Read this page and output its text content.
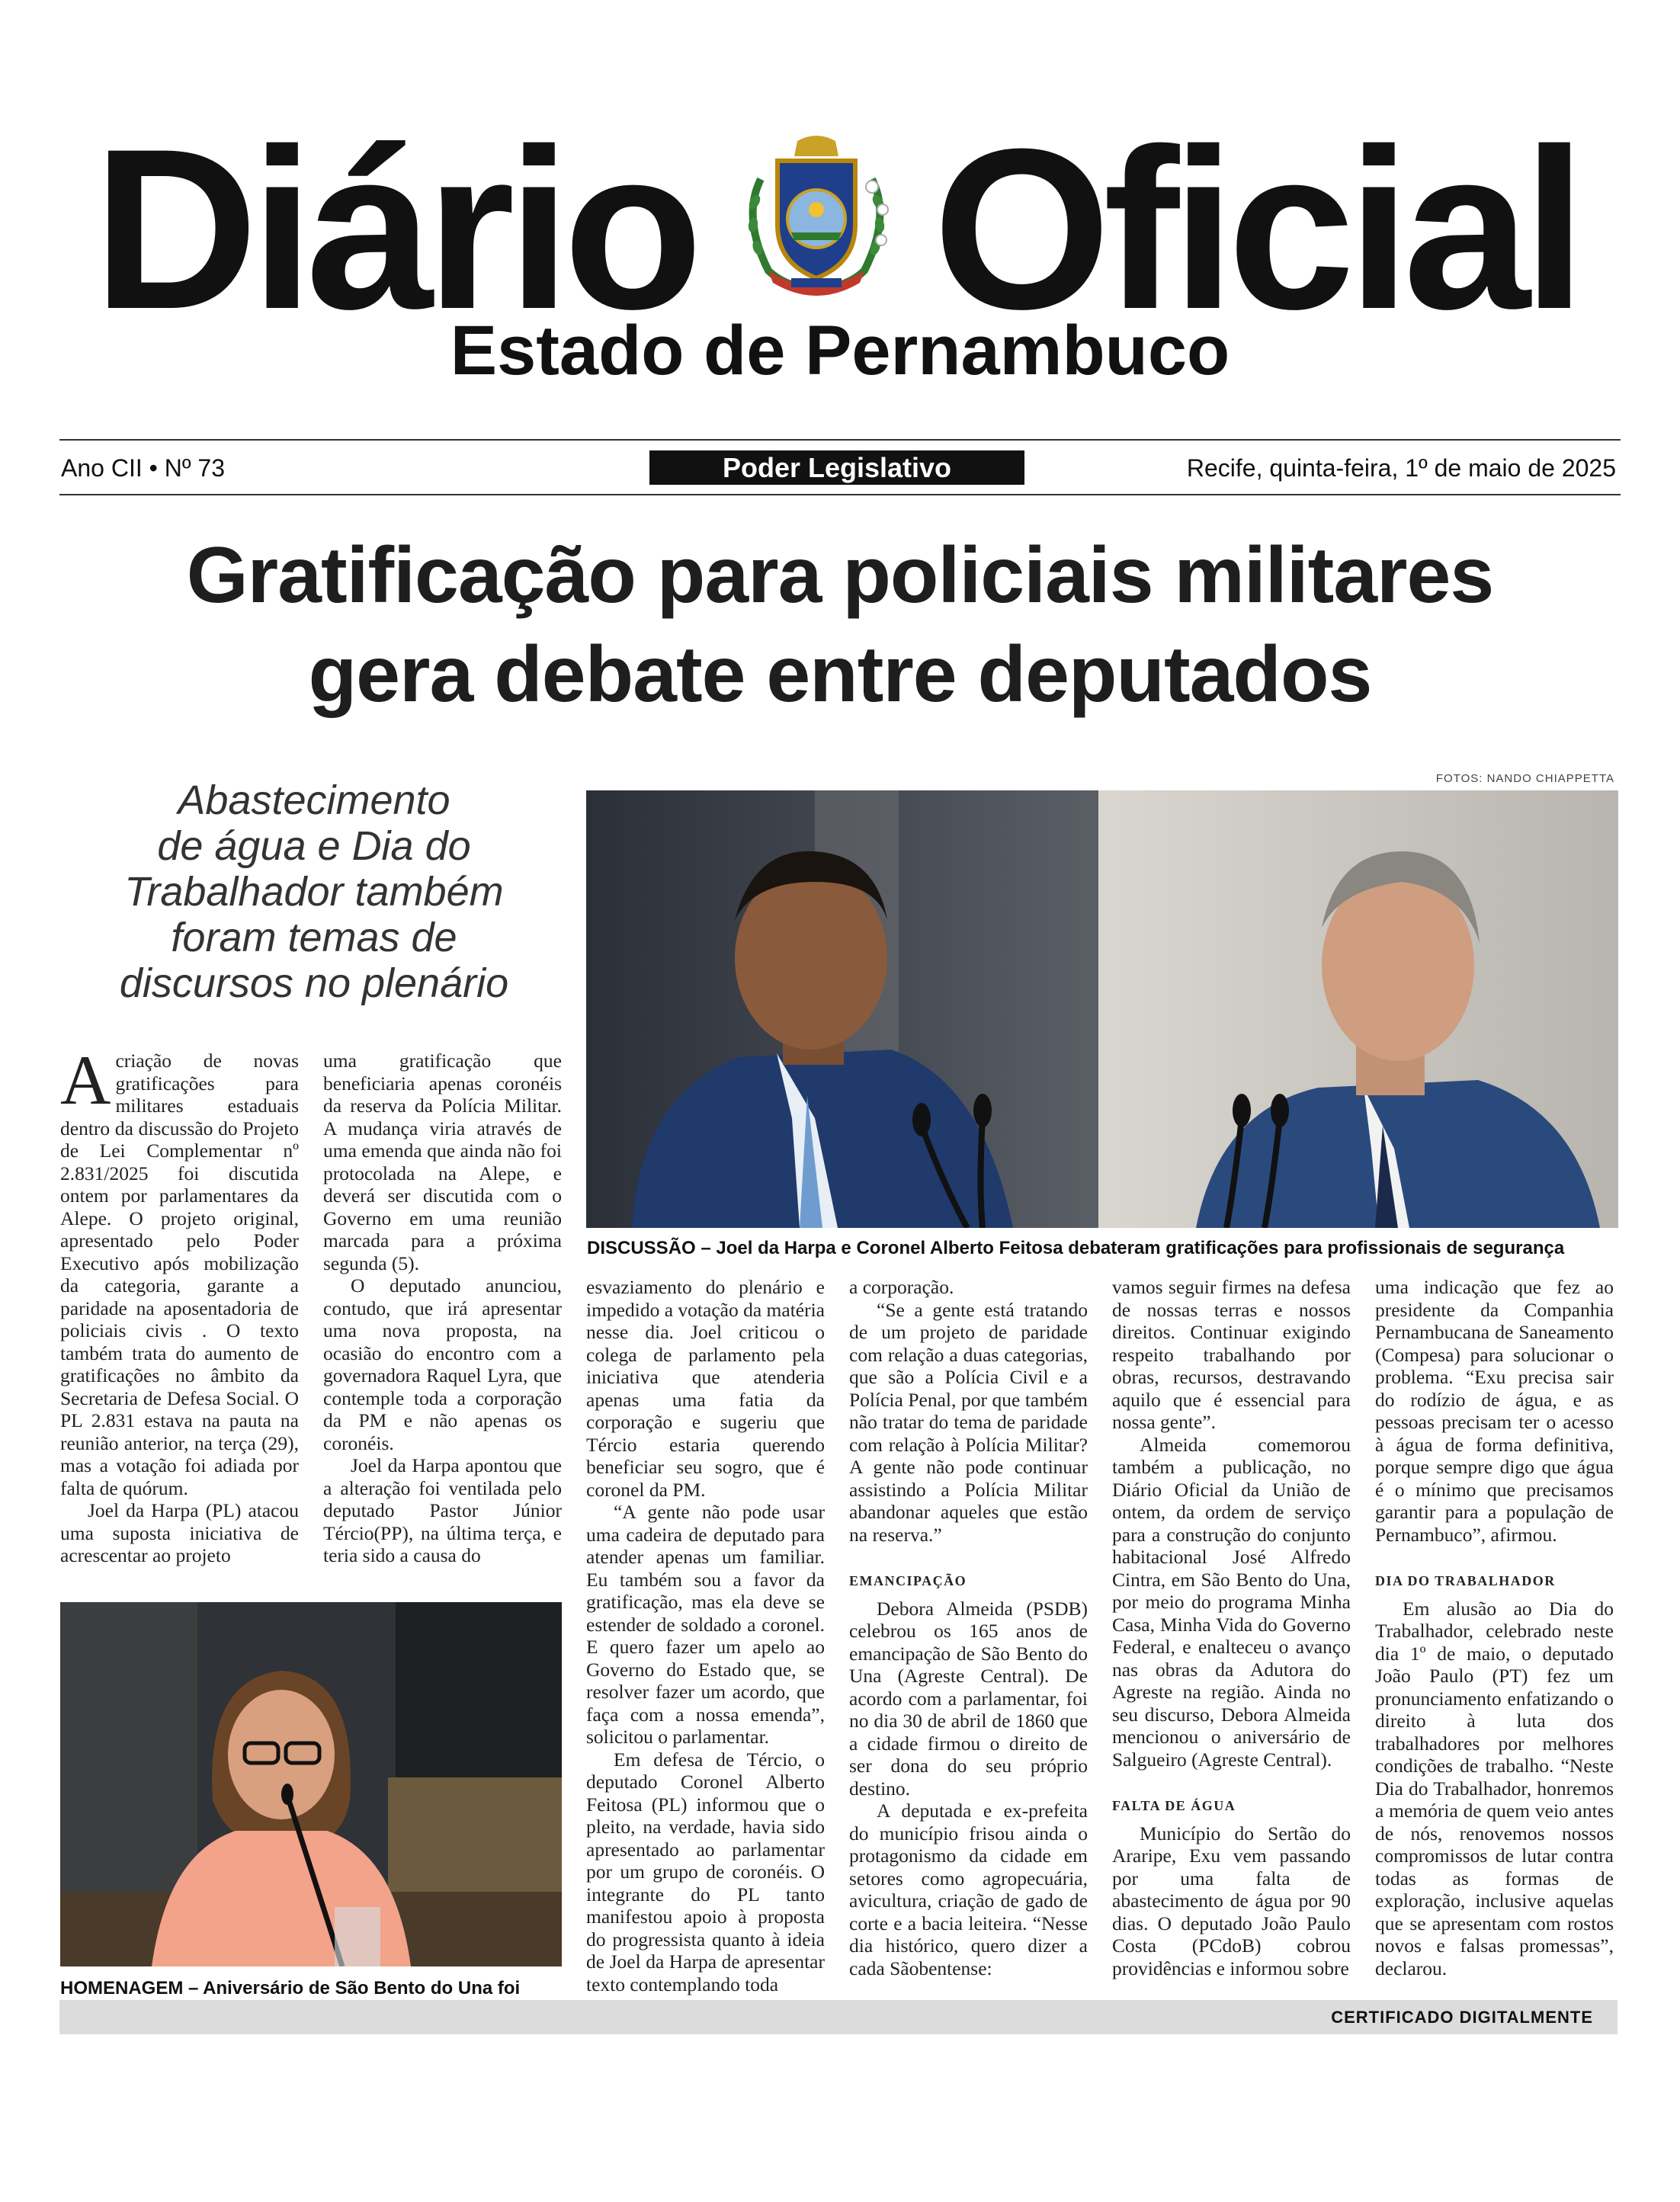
Diário Oficial
Estado de Pernambuco
Ano CII • Nº 73	Poder Legislativo	Recife, quinta-feira, 1º de maio de 2025
Gratificação para policiais militares
gera debate entre deputados
Abastecimento
de água e Dia do
Trabalhador também
foram temas de
discursos no plenário
FOTOS: NANDO CHIAPPETTA
DISCUSSÃO – Joel da Harpa e Coronel Alberto Feitosa debateram gratificações para profissionais de segurança
HOMENAGEM – Aniversário de São Bento do Una foi

Acriação de novas gratificações para militares estaduais dentro da discussão do Projeto de Lei Complementar nº 2.831/2025 foi discutida ontem por parlamentares da Alepe. O projeto original, apresentado pelo Poder Executivo após mobilização da categoria, garante a paridade na aposentadoria de policiais civis . O texto também trata do aumento de gratificações no âmbito da Secretaria de Defesa Social. O PL 2.831 estava na pauta na reunião anterior, na terça (29), mas a votação foi adiada por falta de quórum.

Joel da Harpa (PL) atacou uma suposta iniciativa de acrescentar ao projeto

uma gratificação que beneficiaria apenas coronéis da reserva da Polícia Militar. A mudança viria através de uma emenda que ainda não foi protocolada na Alepe, e deverá ser discutida com o Governo em uma reunião marcada para a próxima segunda (5).

O deputado anunciou, contudo, que irá apresentar uma nova proposta, na ocasião do encontro com a governadora Raquel Lyra, que contemple toda a corporação da PM e não apenas os coronéis.

Joel da Harpa apontou que a alteração foi ventilada pelo deputado Pastor Júnior Tércio(PP), na última terça, e teria sido a causa do

esvaziamento do plenário e impedido a votação da matéria nesse dia. Joel criticou o colega de parlamento pela iniciativa que atenderia apenas uma fatia da corporação e sugeriu que Tércio estaria querendo beneficiar seu sogro, que é coronel da PM.

“A gente não pode usar uma cadeira de deputado para atender apenas um familiar. Eu também sou a favor da gratificação, mas ela deve se estender de soldado a coronel. E quero fazer um apelo ao Governo do Estado que, se resolver fazer um acordo, que faça com a nossa emenda”, solicitou o parlamentar.

Em defesa de Tércio, o deputado Coronel Alberto Feitosa (PL) informou que o pleito, na verdade, havia sido apresentado ao parlamentar por um grupo de coronéis. O integrante do PL tanto manifestou apoio à proposta do progressista quanto à ideia de Joel da Harpa de apresentar texto contemplando toda

a corporação.

“Se a gente está tratando de um projeto de paridade com relação a duas categorias, que são a Polícia Civil e a Polícia Penal, por que também não tratar do tema de paridade com relação à Polícia Militar? A gente não pode continuar assistindo a Polícia Militar abandonar aqueles que estão na reserva.”

EMANCIPAÇÃO

Debora Almeida (PSDB) celebrou os 165 anos de emancipação de São Bento do Una (Agreste Central). De acordo com a parlamentar, foi no dia 30 de abril de 1860 que a cidade firmou o direito de ser dona do seu próprio destino.

A deputada e ex-prefeita do município frisou ainda o protagonismo da cidade em setores como agropecuária, avicultura, criação de gado de corte e a bacia leiteira. “Nesse dia histórico, quero dizer a cada Sãobentense:

vamos seguir firmes na defesa de nossas terras e nossos direitos. Continuar exigindo respeito trabalhando por obras, recursos, destravando aquilo que é essencial para nossa gente”.

Almeida comemorou também a publicação, no Diário Oficial da União de ontem, da ordem de serviço para a construção do conjunto habitacional José Alfredo Cintra, em São Bento do Una, por meio do programa Minha Casa, Minha Vida do Governo Federal, e enalteceu o avanço nas obras da Adutora do Agreste na região. Ainda no seu discurso, Debora Almeida mencionou o aniversário de Salgueiro (Agreste Central).

FALTA DE ÁGUA

Município do Sertão do Araripe, Exu vem passando por uma falta de abastecimento de água por 90 dias. O deputado João Paulo Costa (PCdoB) cobrou providências e informou sobre

uma indicação que fez ao presidente da Companhia Pernambucana de Saneamento (Compesa) para solucionar o problema. “Exu precisa sair do rodízio de água, e as pessoas precisam ter o acesso à água de forma definitiva, porque sempre digo que água é o mínimo que precisamos garantir para a população de Pernambuco”, afirmou.

DIA DO TRABALHADOR

Em alusão ao Dia do Trabalhador, celebrado neste dia 1º de maio, o deputado João Paulo (PT) fez um pronunciamento enfatizando o direito à luta dos trabalhadores por melhores condições de trabalho. “Neste Dia do Trabalhador, honremos a memória de quem veio antes de nós, renovemos nossos compromissos de lutar contra todas as formas de exploração, inclusive aquelas que se apresentam com rostos novos e falsas promessas”, declarou.

CERTIFICADO DIGITALMENTE
